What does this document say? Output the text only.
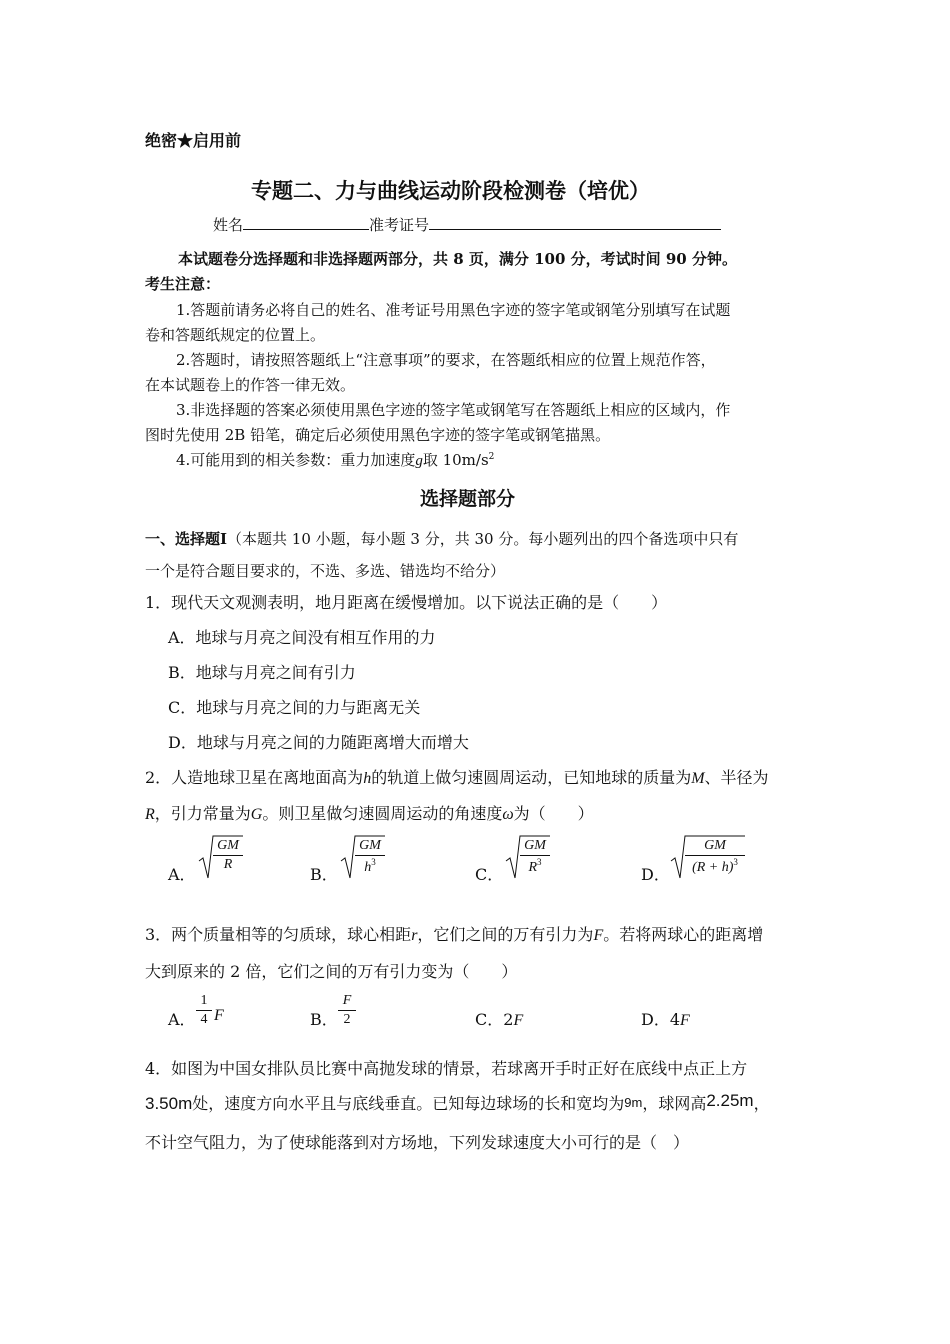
绝密★启用前
专题二、力与曲线运动阶段检测卷（培优）
姓名	准考证号
本试题卷分选择题和非选择题两部分，共 8 页，满分 100 分，考试时间 90 分钟。
考生注意：
1.答题前请务必将自己的姓名、准考证号用黑色字迹的签字笔或钢笔分别填写在试题
卷和答题纸规定的位置上。
2.答题时，请按照答题纸上“注意事项”的要求，在答题纸相应的位置上规范作答，
在本试题卷上的作答一律无效。
3.非选择题的答案必须使用黑色字迹的签字笔或钢笔写在答题纸上相应的区域内，作
图时先使用 2B 铅笔，确定后必须使用黑色字迹的签字笔或钢笔描黑。
4.可能用到的相关参数：重力加速度g取 $10m/s^2$
选择题部分
一、选择题Ⅰ（本题共 10 小题，每小题 3 分，共 30 分。每小题列出的四个备选项中只有
一个是符合题目要求的，不选、多选、错选均不给分）
1．现代天文观测表明，地月距离在缓慢增加。以下说法正确的是（　　）
A．地球与月亮之间没有相互作用的力
B．地球与月亮之间有引力
C．地球与月亮之间的力与距离无关
D．地球与月亮之间的力随距离增大而增大
2．人造地球卫星在离地面高为h的轨道上做匀速圆周运动，已知地球的质量为M、半径为
R，引力常量为G。则卫星做匀速圆周运动的角速度ω为（　　）
A．
GM
R
B．
GM
$h^3$
C．
GM
$R^3$
D．
GM
$(R + h)^3$
3．两个质量相等的匀质球，球心相距r，它们之间的万有引力为F。若将两球心的距离增
大到原来的 2 倍，它们之间的万有引力变为（　　）
A．
1
4 F	B．
F
2	C．2F	D．4F
4．如图为中国女排队员比赛中高抛发球的情景，若球离开手时正好在底线中点正上方
3.50m处，速度方向水平且与底线垂直。已知每边球场的长和宽均为9m，球网高2.25m，
不计空气阻力，为了使球能落到对方场地，下列发球速度大小可行的是（　）
